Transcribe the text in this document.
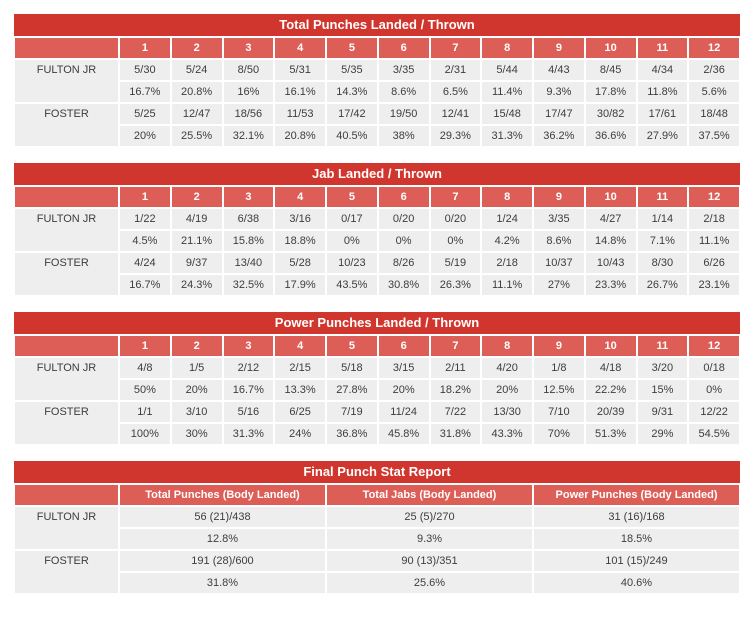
Total Punches Landed / Thrown
	1	2	3	4	5	6	7	8	9	10	11	12
FULTON JR	5/30	5/24	8/50	5/31	5/35	3/35	2/31	5/44	4/43	8/45	4/34	2/36
	16.7%	20.8%	16%	16.1%	14.3%	8.6%	6.5%	11.4%	9.3%	17.8%	11.8%	5.6%
FOSTER	5/25	12/47	18/56	11/53	17/42	19/50	12/41	15/48	17/47	30/82	17/61	18/48
	20%	25.5%	32.1%	20.8%	40.5%	38%	29.3%	31.3%	36.2%	36.6%	27.9%	37.5%
Jab Landed / Thrown
	1	2	3	4	5	6	7	8	9	10	11	12
FULTON JR	1/22	4/19	6/38	3/16	0/17	0/20	0/20	1/24	3/35	4/27	1/14	2/18
	4.5%	21.1%	15.8%	18.8%	0%	0%	0%	4.2%	8.6%	14.8%	7.1%	11.1%
FOSTER	4/24	9/37	13/40	5/28	10/23	8/26	5/19	2/18	10/37	10/43	8/30	6/26
	16.7%	24.3%	32.5%	17.9%	43.5%	30.8%	26.3%	11.1%	27%	23.3%	26.7%	23.1%
Power Punches Landed / Thrown
	1	2	3	4	5	6	7	8	9	10	11	12
FULTON JR	4/8	1/5	2/12	2/15	5/18	3/15	2/11	4/20	1/8	4/18	3/20	0/18
	50%	20%	16.7%	13.3%	27.8%	20%	18.2%	20%	12.5%	22.2%	15%	0%
FOSTER	1/1	3/10	5/16	6/25	7/19	11/24	7/22	13/30	7/10	20/39	9/31	12/22
	100%	30%	31.3%	24%	36.8%	45.8%	31.8%	43.3%	70%	51.3%	29%	54.5%
Final Punch Stat Report
	Total Punches (Body Landed)	Total Jabs (Body Landed)	Power Punches (Body Landed)
FULTON JR	56 (21)/438	25 (5)/270	31 (16)/168
	12.8%	9.3%	18.5%
FOSTER	191 (28)/600	90 (13)/351	101 (15)/249
	31.8%	25.6%	40.6%
